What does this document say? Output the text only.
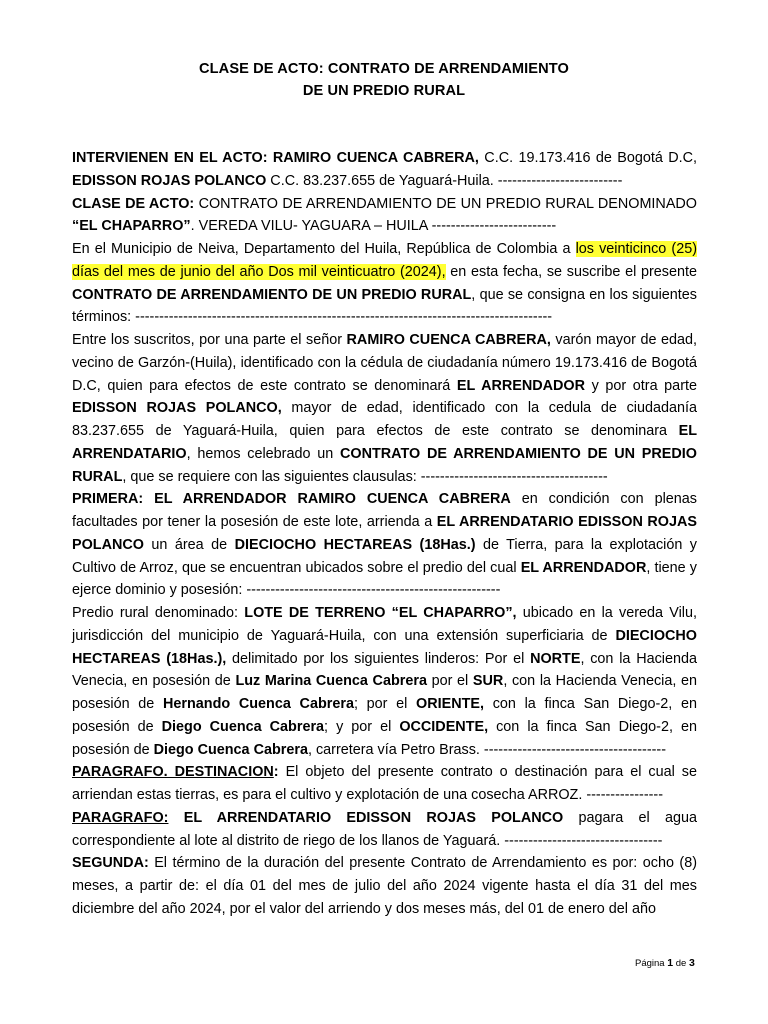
CLASE DE ACTO: CONTRATO DE ARRENDAMIENTO
DE UN PREDIO RURAL

INTERVIENEN EN EL ACTO: RAMIRO CUENCA CABRERA, C.C. 19.173.416 de Bogotá D.C, EDISSON ROJAS POLANCO C.C. 83.237.655 de Yaguará-Huila. --------------------------

CLASE DE ACTO: CONTRATO DE ARRENDAMIENTO DE UN PREDIO RURAL DENOMINADO “EL CHAPARRO”. VEREDA VILU- YAGUARA – HUILA --------------------------

En el Municipio de Neiva, Departamento del Huila, República de Colombia a los veinticinco (25) días del mes de junio del año Dos mil veinticuatro (2024), en esta fecha, se suscribe el presente CONTRATO DE ARRENDAMIENTO DE UN PREDIO RURAL, que se consigna en los siguientes términos: ---------------------------------------------------------------------------------------

Entre los suscritos, por una parte el señor RAMIRO CUENCA CABRERA, varón mayor de edad, vecino de Garzón-(Huila), identificado con la cédula de ciudadanía número 19.173.416 de Bogotá D.C, quien para efectos de este contrato se denominará EL ARRENDADOR y por otra parte EDISSON ROJAS POLANCO, mayor de edad, identificado con la cedula de ciudadanía 83.237.655 de Yaguará-Huila, quien para efectos de este contrato se denominara EL ARRENDATARIO, hemos celebrado un CONTRATO DE ARRENDAMIENTO DE UN PREDIO RURAL, que se requiere con las siguientes clausulas: ---------------------------------------

PRIMERA: EL ARRENDADOR RAMIRO CUENCA CABRERA en condición con plenas facultades por tener la posesión de este lote, arrienda a EL ARRENDATARIO EDISSON ROJAS POLANCO un área de DIECIOCHO HECTAREAS (18Has.) de Tierra, para la explotación y Cultivo de Arroz, que se encuentran ubicados sobre el predio del cual EL ARRENDADOR, tiene y ejerce dominio y posesión: -----------------------------------------------------

Predio rural denominado: LOTE DE TERRENO “EL CHAPARRO”, ubicado en la vereda Vilu, jurisdicción del municipio de Yaguará-Huila, con una extensión superficiaria de DIECIOCHO HECTAREAS (18Has.), delimitado por los siguientes linderos: Por el NORTE, con la Hacienda Venecia, en posesión de Luz Marina Cuenca Cabrera por el SUR, con la Hacienda Venecia, en posesión de Hernando Cuenca Cabrera; por el ORIENTE, con la finca San Diego-2, en posesión de Diego Cuenca Cabrera; y por el OCCIDENTE, con la finca San Diego-2, en posesión de Diego Cuenca Cabrera, carretera vía Petro Brass. --------------------------------------

PARAGRAFO. DESTINACION: El objeto del presente contrato o destinación para el cual se arriendan estas tierras, es para el cultivo y explotación de una cosecha ARROZ. ----------------

PARAGRAFO: EL ARRENDATARIO EDISSON ROJAS POLANCO pagara el agua correspondiente al lote al distrito de riego de los llanos de Yaguará. ---------------------------------

SEGUNDA: El término de la duración del presente Contrato de Arrendamiento es por: ocho (8) meses, a partir de: el día 01 del mes de julio del año 2024 vigente hasta el día 31 del mes diciembre del año 2024, por el valor del arriendo y dos meses más, del 01 de enero del año

Página 1 de 3
